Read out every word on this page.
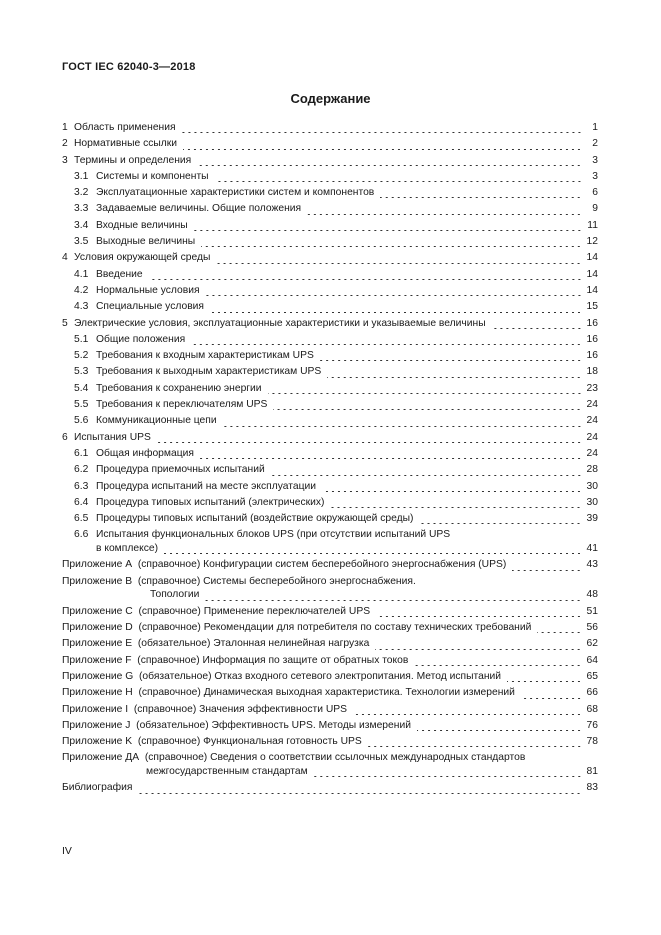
ГОСТ IEC 62040-3—2018
Содержание
1 Область применения	1
2 Нормативные ссылки	2
3 Термины и определения	3
3.1 Системы и компоненты	3
3.2 Эксплуатационные характеристики систем и компонентов	6
3.3 Задаваемые величины. Общие положения	9
3.4 Входные величины	11
3.5 Выходные величины	12
4 Условия окружающей среды	14
4.1 Введение	14
4.2 Нормальные условия	14
4.3 Специальные условия	15
5 Электрические условия, эксплуатационные характеристики и указываемые величины	16
5.1 Общие положения	16
5.2 Требования к входным характеристикам UPS	16
5.3 Требования к выходным характеристикам UPS	18
5.4 Требования к сохранению энергии	23
5.5 Требования к переключателям UPS	24
5.6 Коммуникационные цепи	24
6 Испытания UPS	24
6.1 Общая информация	24
6.2 Процедура приемочных испытаний	28
6.3 Процедура испытаний на месте эксплуатации	30
6.4 Процедура типовых испытаний (электрических)	30
6.5 Процедуры типовых испытаний (воздействие окружающей среды)	39
6.6 Испытания функциональных блоков UPS (при отсутствии испытаний UPS
в комплексе)	41
Приложение A (справочное) Конфигурации систем бесперебойного энергоснабжения (UPS)	43
Приложение B (справочное) Системы бесперебойного энергоснабжения.
Топологии	48
Приложение C (справочное) Применение переключателей UPS	51
Приложение D (справочное) Рекомендации для потребителя по составу технических требований	56
Приложение E (обязательное) Эталонная нелинейная нагрузка	62
Приложение F (справочное) Информация по защите от обратных токов	64
Приложение G (обязательное) Отказ входного сетевого электропитания. Метод испытаний	65
Приложение H (справочное) Динамическая выходная характеристика. Технологии измерений	66
Приложение I (справочное) Значения эффективности UPS	68
Приложение J (обязательное) Эффективность UPS. Методы измерений	76
Приложение K (справочное) Функциональная готовность UPS	78
Приложение ДА (справочное) Сведения о соответствии ссылочных международных стандартов
межгосударственным стандартам	81
Библиография	83
IV
